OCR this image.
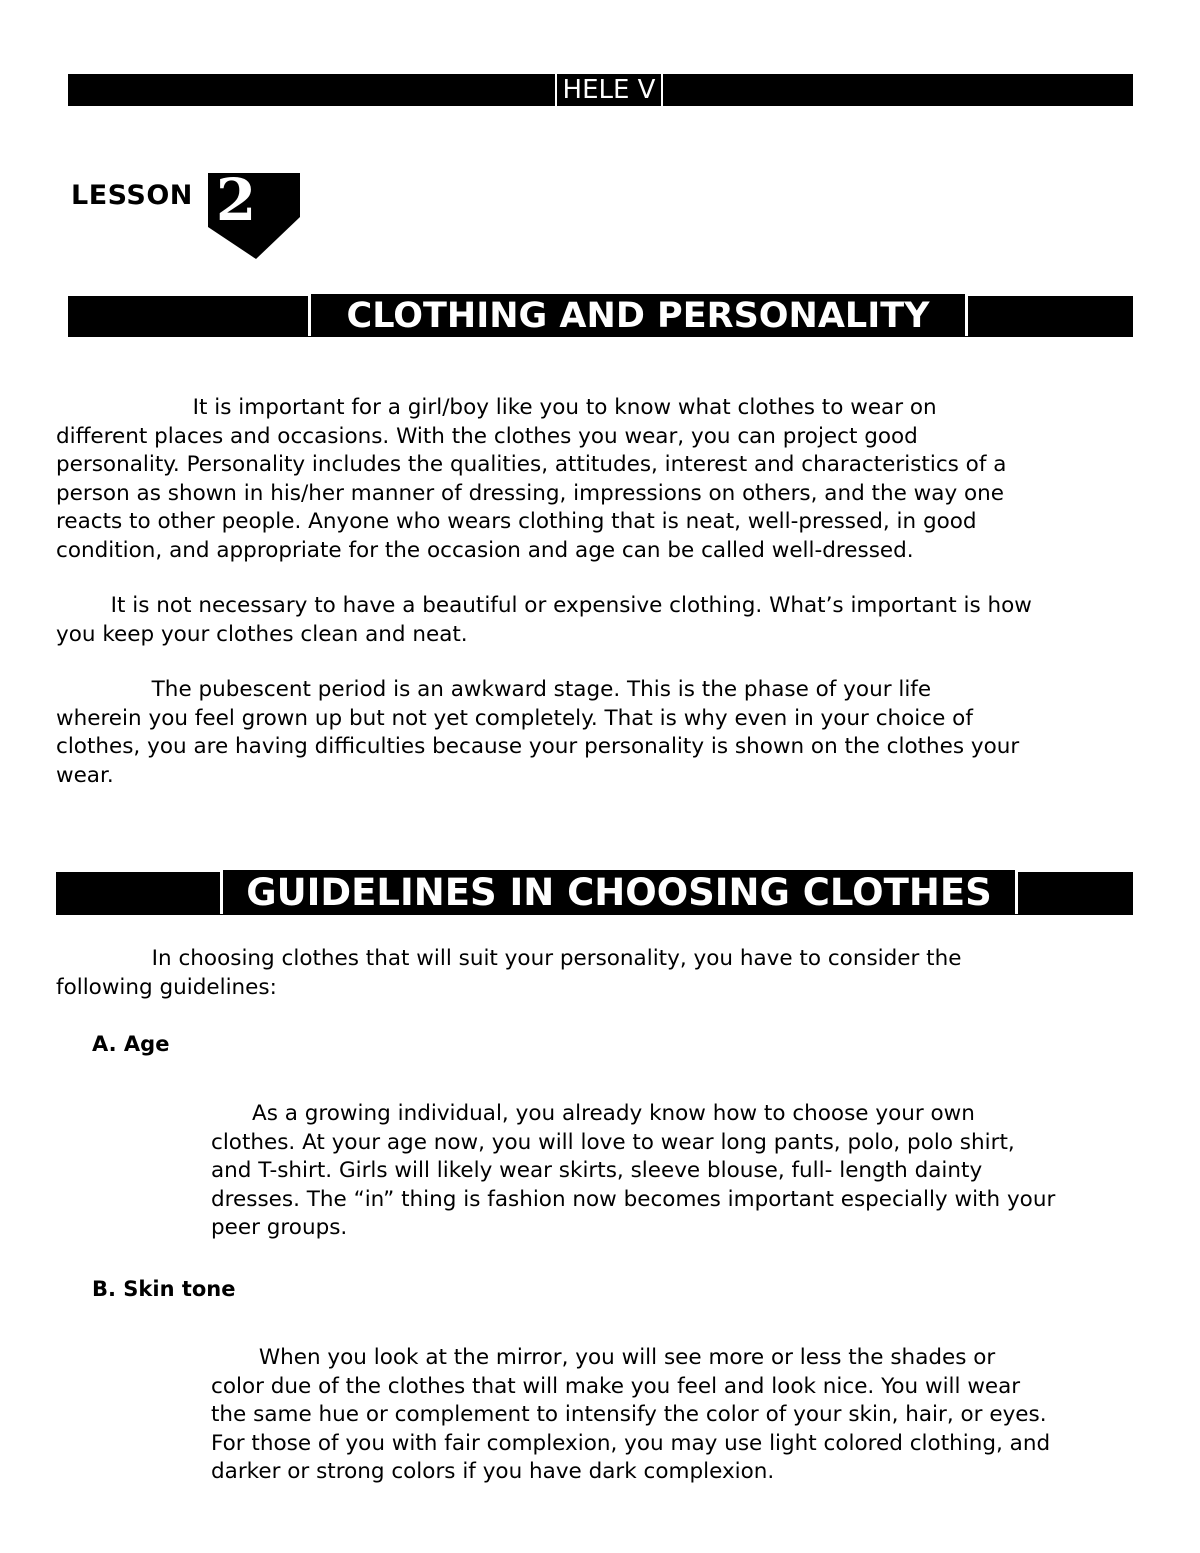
HELE V
LESSON 2
CLOTHING AND PERSONALITY

It is important for a girl/boy like you to know what clothes to wear on
different places and occasions. With the clothes you wear, you can project good
personality. Personality includes the qualities, attitudes, interest and characteristics of a
person as shown in his/her manner of dressing, impressions on others, and the way one
reacts to other people. Anyone who wears clothing that is neat, well-pressed, in good
condition, and appropriate for the occasion and age can be called well-dressed.

It is not necessary to have a beautiful or expensive clothing. What’s important is how
you keep your clothes clean and neat.

The pubescent period is an awkward stage. This is the phase of your life
wherein you feel grown up but not yet completely. That is why even in your choice of
clothes, you are having difficulties because your personality is shown on the clothes your
wear.

GUIDELINES IN CHOOSING CLOTHES

In choosing clothes that will suit your personality, you have to consider the
following guidelines:

A. Age

As a growing individual, you already know how to choose your own
clothes. At your age now, you will love to wear long pants, polo, polo shirt,
and T-shirt. Girls will likely wear skirts, sleeve blouse, full- length dainty
dresses. The “in” thing is fashion now becomes important especially with your
peer groups.

B. Skin tone

When you look at the mirror, you will see more or less the shades or
color due of the clothes that will make you feel and look nice. You will wear
the same hue or complement to intensify the color of your skin, hair, or eyes.
For those of you with fair complexion, you may use light colored clothing, and
darker or strong colors if you have dark complexion.
